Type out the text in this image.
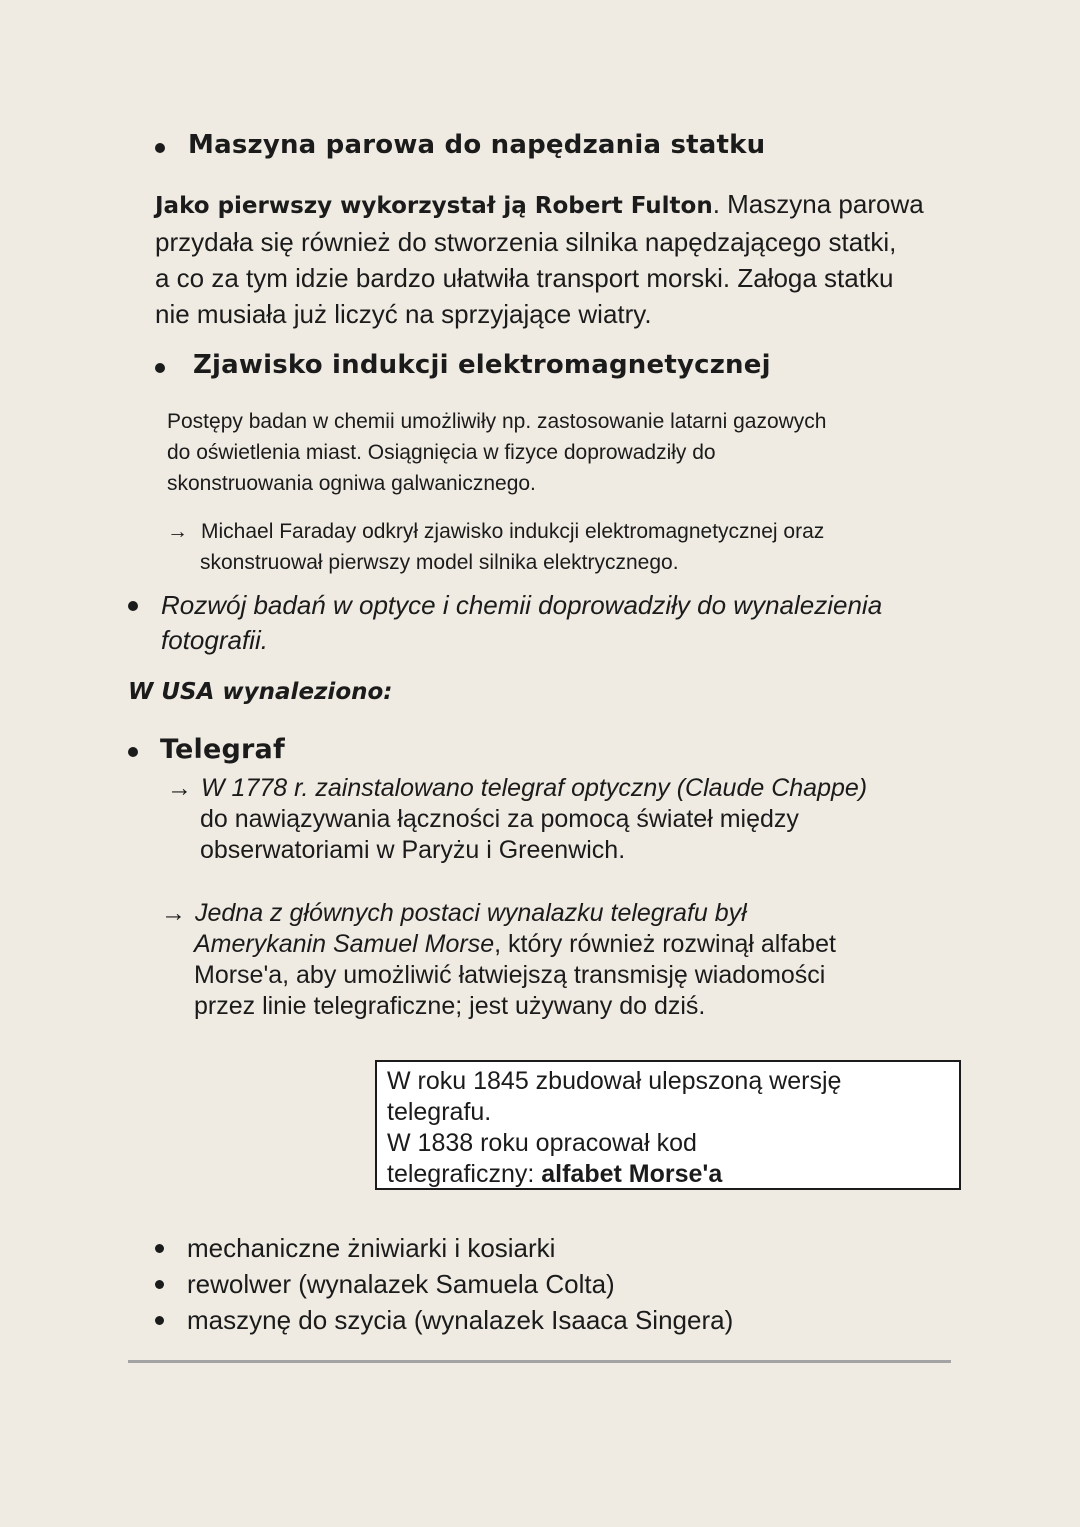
Maszyna parowa do napędzania statku
Jako pierwszy wykorzystał ją Robert Fulton. Maszyna parowa
przydała się również do stworzenia silnika napędzającego statki,
a co za tym idzie bardzo ułatwiła transport morski. Załoga statku
nie musiała już liczyć na sprzyjające wiatry.
Zjawisko indukcji elektromagnetycznej
Postępy badan w chemii umożliwiły np. zastosowanie latarni gazowych
do oświetlenia miast. Osiągnięcia w fizyce doprowadziły do
skonstruowania ogniwa galwanicznego.
→ Michael Faraday odkrył zjawisko indukcji elektromagnetycznej oraz
skonstruował pierwszy model silnika elektrycznego.
Rozwój badań w optyce i chemii doprowadziły do wynalezienia
fotografii.
W USA wynaleziono:
Telegraf
→ W 1778 r. zainstalowano telegraf optyczny (Claude Chappe)
do nawiązywania łączności za pomocą świateł między
obserwatoriami w Paryżu i Greenwich.
→ Jedna z głównych postaci wynalazku telegrafu był
Amerykanin Samuel Morse, który również rozwinął alfabet
Morse'a, aby umożliwić łatwiejszą transmisję wiadomości
przez linie telegraficzne; jest używany do dziś.
W roku 1845 zbudował ulepszoną wersję
telegrafu.
W 1838 roku opracował kod
telegraficzny: alfabet Morse'a
mechaniczne żniwiarki i kosiarki
rewolwer (wynalazek Samuela Colta)
maszynę do szycia (wynalazek Isaaca Singera)
